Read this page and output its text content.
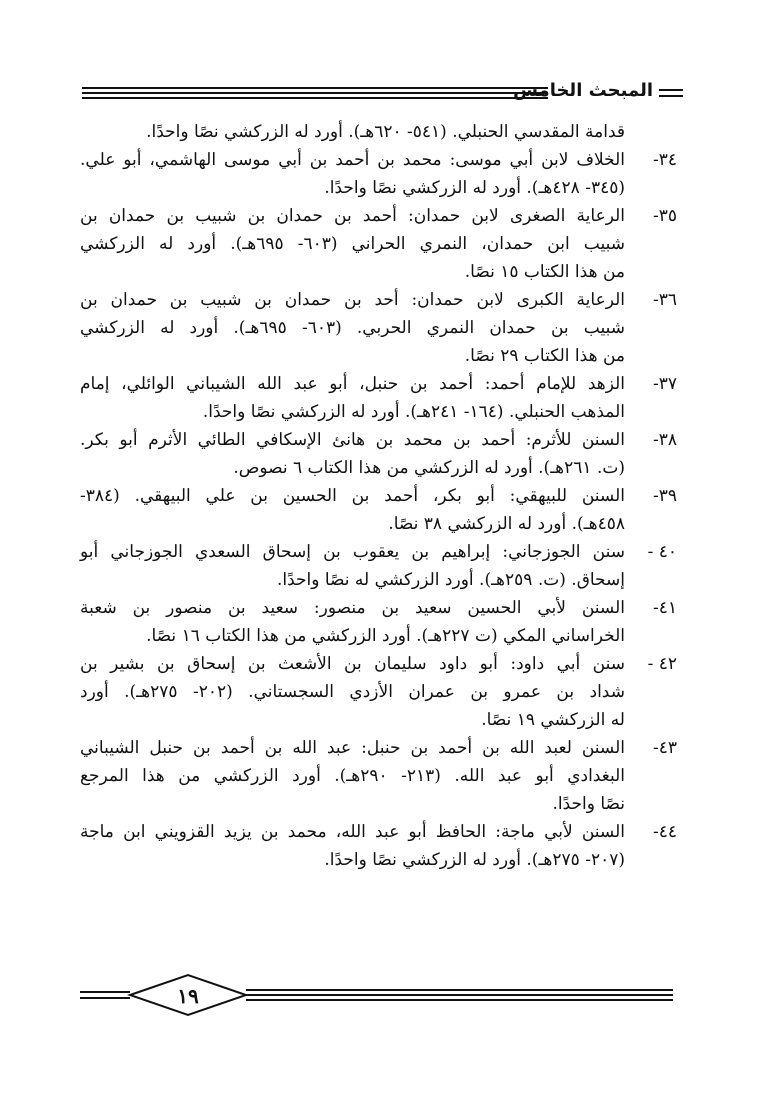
المبحث الخامس
قدامة المقدسي الحنبلي. (٥٤١- ٦٢٠هـ). أورد له الزركشي نصًا واحدًا.
٣٤-
الخلاف لابن أبي موسى: محمد بن أحمد بن أبي موسى الهاشمي، أبو علي.
(٣٤٥- ٤٢٨هـ). أورد له الزركشي نصًا واحدًا.
٣٥-
الرعاية الصغرى لابن حمدان: أحمد بن حمدان بن شبيب بن حمدان بن
شبيب ابن حمدان، النمري الحراني (٦٠٣- ٦٩٥هـ). أورد له الزركشي
من هذا الكتاب ١٥ نصًا.
٣٦-
الرعاية الكبرى لابن حمدان: أحد بن حمدان بن شبيب بن حمدان بن
شبيب بن حمدان النمري الحربي. (٦٠٣- ٦٩٥هـ). أورد له الزركشي
من هذا الكتاب ٢٩ نصًا.
٣٧-
الزهد للإمام أحمد: أحمد بن حنبل، أبو عبد الله الشيباني الوائلي، إمام
المذهب الحنبلي. (١٦٤- ٢٤١هـ). أورد له الزركشي نصًا واحدًا.
٣٨-
السنن للأثرم: أحمد بن محمد بن هانئ الإسكافي الطائي الأثرم أبو بكر.
(ت. ٢٦١هـ). أورد له الزركشي من هذا الكتاب ٦ نصوص.
٣٩-
السنن للبيهقي: أبو بكر، أحمد بن الحسين بن علي البيهقي. (٣٨٤-
٤٥٨هـ). أورد له الزركشي ٣٨ نصًا.
٤٠ -
سنن الجوزجاني: إبراهيم بن يعقوب بن إسحاق السعدي الجوزجاني أبو
إسحاق. (ت. ٢٥٩هـ). أورد الزركشي له نصًا واحدًا.
٤١-
السنن لأبي الحسين سعيد بن منصور: سعيد بن منصور بن شعبة
الخراساني المكي (ت ٢٢٧هـ). أورد الزركشي من هذا الكتاب ١٦ نصًا.
٤٢ -
سنن أبي داود: أبو داود سليمان بن الأشعث بن إسحاق بن بشير بن
شداد بن عمرو بن عمران الأزدي السجستاني. (٢٠٢- ٢٧٥هـ). أورد
له الزركشي ١٩ نصًا.
٤٣-
السنن لعبد الله بن أحمد بن حنبل: عبد الله بن أحمد بن حنبل الشيباني
البغدادي أبو عبد الله. (٢١٣- ٢٩٠هـ). أورد الزركشي من هذا المرجع
نصًا واحدًا.
٤٤-
السنن لأبي ماجة: الحافظ أبو عبد الله، محمد بن يزيد القزويني ابن ماجة
(٢٠٧- ٢٧٥هـ). أورد له الزركشي نصًا واحدًا.
١٩
